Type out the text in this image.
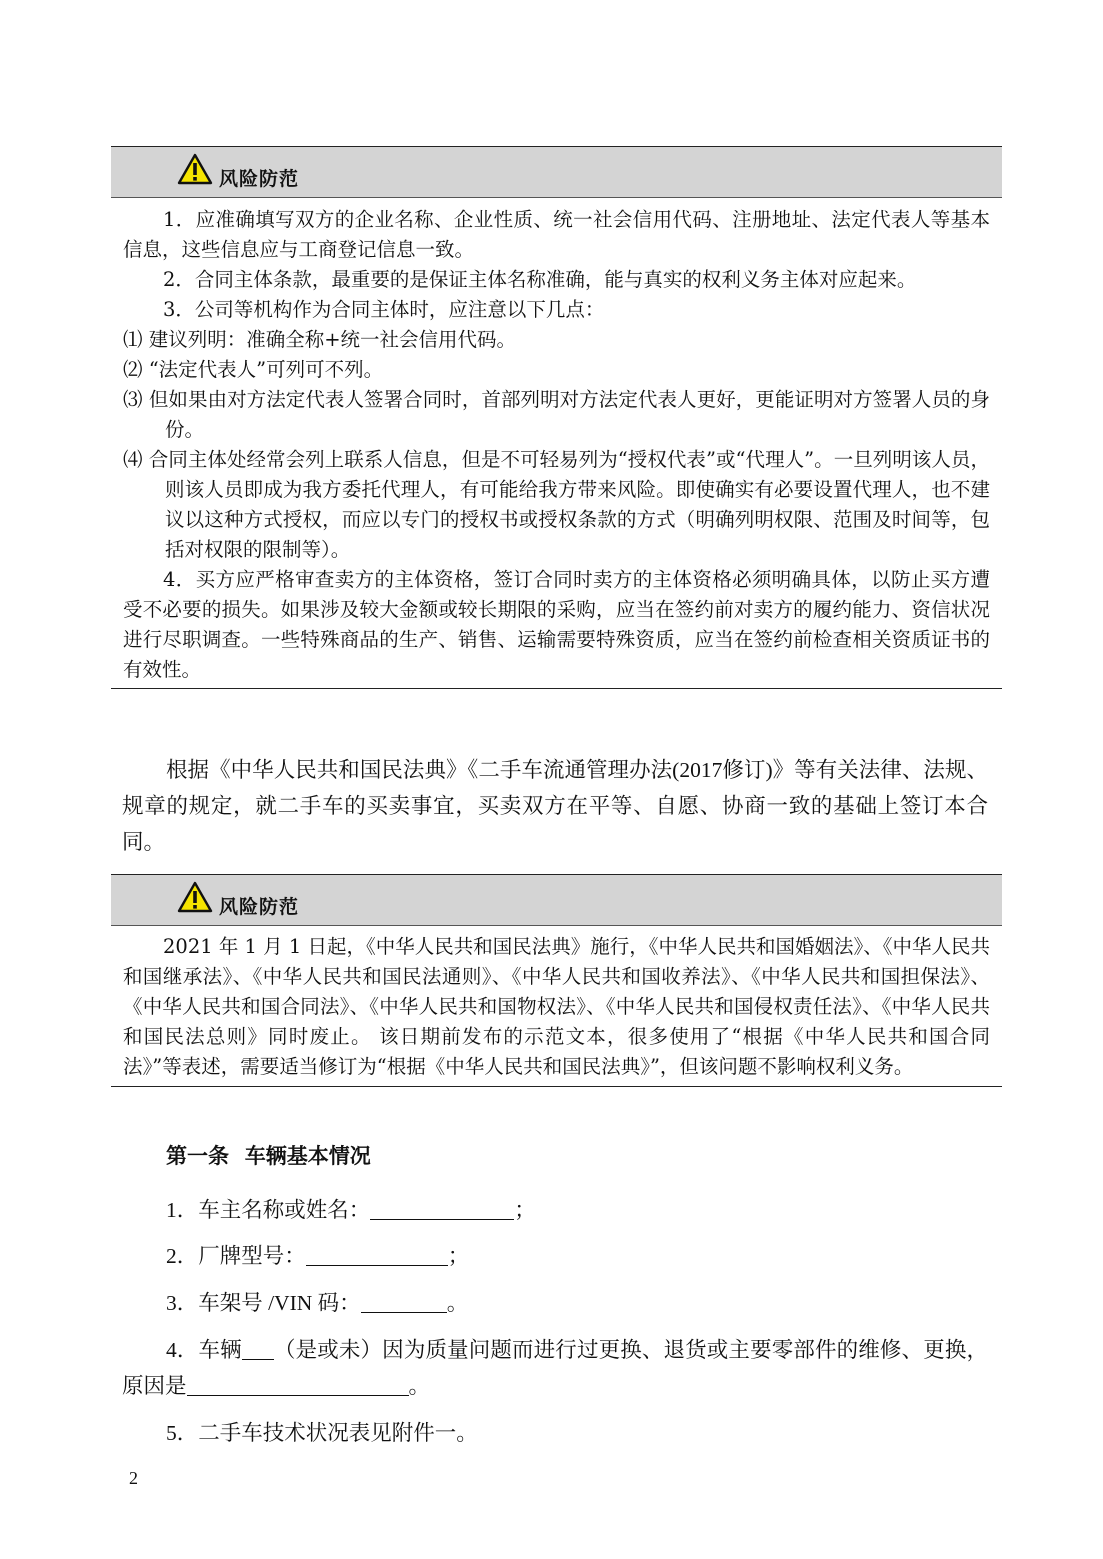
风险防范

1．应准确填写双方的企业名称、企业性质、统一社会信用代码、注册地址、法定代表人等基本信息，这些信息应与工商登记信息一致。

2．合同主体条款，最重要的是保证主体名称准确，能与真实的权利义务主体对应起来。

3．公司等机构作为合同主体时，应注意以下几点：

⑴ 建议列明：准确全称+统一社会信用代码。

⑵ “法定代表人”可列可不列。

⑶ 但如果由对方法定代表人签署合同时，首部列明对方法定代表人更好，更能证明对方签署人员的身份。

⑷ 合同主体处经常会列上联系人信息，但是不可轻易列为“授权代表”或“代理人”。一旦列明该人员，则该人员即成为我方委托代理人，有可能给我方带来风险。即使确实有必要设置代理人，也不建议以这种方式授权，而应以专门的授权书或授权条款的方式（明确列明权限、范围及时间等，包括对权限的限制等）。

4．买方应严格审查卖方的主体资格，签订合同时卖方的主体资格必须明确具体，以防止买方遭受不必要的损失。如果涉及较大金额或较长期限的采购，应当在签约前对卖方的履约能力、资信状况进行尽职调查。一些特殊商品的生产、销售、运输需要特殊资质，应当在签约前检查相关资质证书的有效性。

根据《中华人民共和国民法典》《二手车流通管理办法(2017修订)》等有关法律、法规、规章的规定，就二手车的买卖事宜，买卖双方在平等、自愿、协商一致的基础上签订本合同。

风险防范

2021 年 1 月 1 日起，《中华人民共和国民法典》施行，《中华人民共和国婚姻法》、《中华人民共和国继承法》、《中华人民共和国民法通则》、《中华人民共和国收养法》、《中华人民共和国担保法》、《中华人民共和国合同法》、《中华人民共和国物权法》、《中华人民共和国侵权责任法》、《中华人民共和国民法总则》同时废止。 该日期前发布的示范文本，很多使用了“根据《中华人民共和国合同法》”等表述，需要适当修订为“根据《中华人民共和国民法典》”，但该问题不影响权利义务。

第一条   车辆基本情况

1．车主名称或姓名：	；

2．厂牌型号：	；

3．车架号 /VIN 码：	。

4．车辆 （是或未）因为质量问题而进行过更换、退货或主要零部件的维修、更换，原因是	。

5．二手车技术状况表见附件一。

2
